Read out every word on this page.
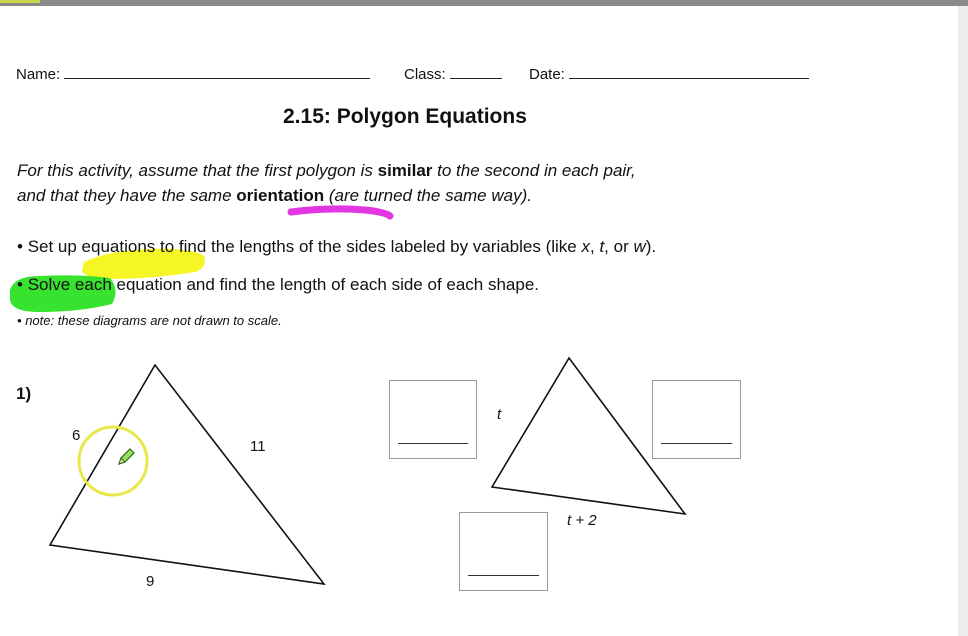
Name:	Class:	Date:
2.15: Polygon Equations
For this activity, assume that the first polygon is similar to the second in each pair,
and that they have the same orientation (are turned the same way).
• Set up equations to find the lengths of the sides labeled by variables (like x, t, or w).
• Solve each equation and find the length of each side of each shape.
• note: these diagrams are not drawn to scale.
1)
6
11
9
t
t + 2
